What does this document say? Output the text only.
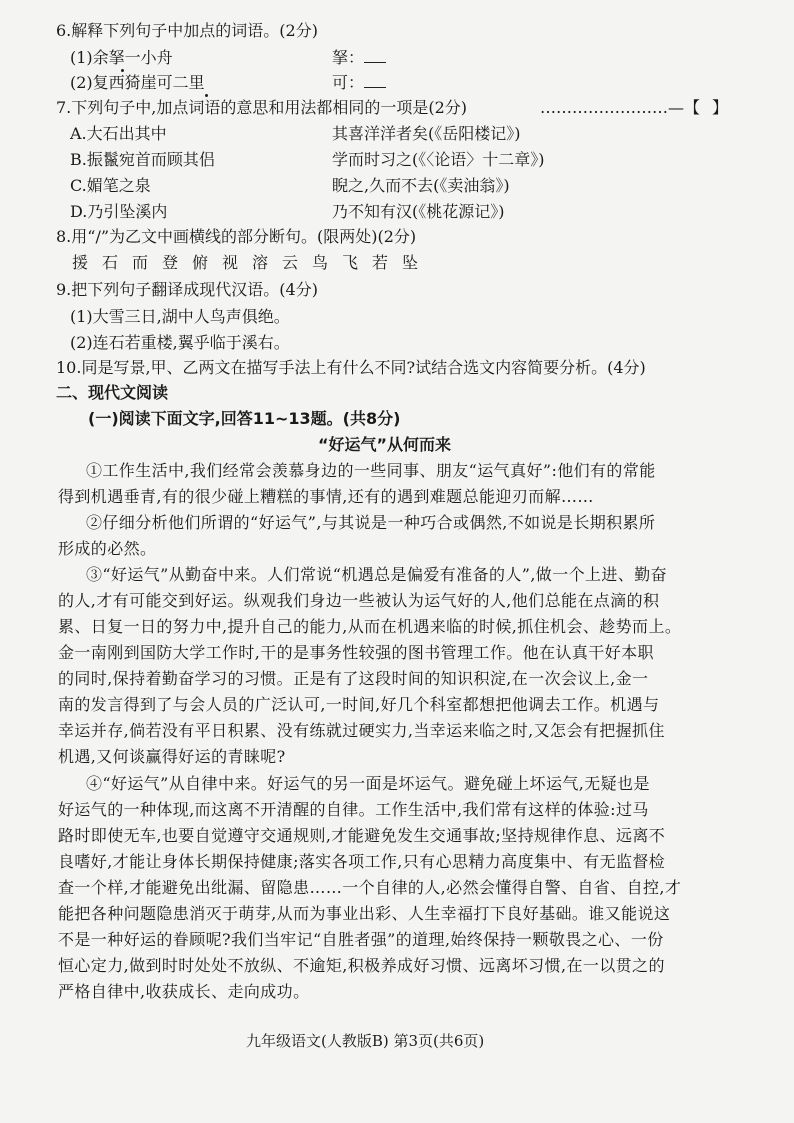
6.解释下列句子中加点的词语。(2分)
(1)余拏一小舟	拏：
(2)复西猗崖可二里	可：
7.下列句子中,加点词语的意思和用法都相同的一项是(2分)	……………………—【 】
A.大石出其中	其喜洋洋者矣(《岳阳楼记》)
B.振鬣宛首而顾其侣	学而时习之(《〈论语〉十二章》)
C.媚笔之泉	睨之,久而不去(《卖油翁》)
D.乃引坠溪内	乃不知有汉(《桃花源记》)
8.用“/”为乙文中画横线的部分断句。(限两处)(2分)
援石而登俯视溶云鸟飞若坠
9.把下列句子翻译成现代汉语。(4分)
(1)大雪三日,湖中人鸟声俱绝。
(2)连石若重楼,翼乎临于溪右。
10.同是写景,甲、乙两文在描写手法上有什么不同?试结合选文内容简要分析。(4分)
二、现代文阅读
(一)阅读下面文字,回答11~13题。(共8分)
“好运气”从何而来
①工作生活中,我们经常会羡慕身边的一些同事、朋友“运气真好”:他们有的常能
得到机遇垂青,有的很少碰上糟糕的事情,还有的遇到难题总能迎刃而解……
②仔细分析他们所谓的“好运气”,与其说是一种巧合或偶然,不如说是长期积累所
形成的必然。
③“好运气”从勤奋中来。人们常说“机遇总是偏爱有准备的人”,做一个上进、勤奋
的人,才有可能交到好运。纵观我们身边一些被认为运气好的人,他们总能在点滴的积
累、日复一日的努力中,提升自己的能力,从而在机遇来临的时候,抓住机会、趁势而上。
金一南刚到国防大学工作时,干的是事务性较强的图书管理工作。他在认真干好本职
的同时,保持着勤奋学习的习惯。正是有了这段时间的知识积淀,在一次会议上,金一
南的发言得到了与会人员的广泛认可,一时间,好几个科室都想把他调去工作。机遇与
幸运并存,倘若没有平日积累、没有练就过硬实力,当幸运来临之时,又怎会有把握抓住
机遇,又何谈赢得好运的青睐呢?
④“好运气”从自律中来。好运气的另一面是坏运气。避免碰上坏运气,无疑也是
好运气的一种体现,而这离不开清醒的自律。工作生活中,我们常有这样的体验:过马
路时即使无车,也要自觉遵守交通规则,才能避免发生交通事故;坚持规律作息、远离不
良嗜好,才能让身体长期保持健康;落实各项工作,只有心思精力高度集中、有无监督检
查一个样,才能避免出纰漏、留隐患……一个自律的人,必然会懂得自警、自省、自控,才
能把各种问题隐患消灭于萌芽,从而为事业出彩、人生幸福打下良好基础。谁又能说这
不是一种好运的眷顾呢?我们当牢记“自胜者强”的道理,始终保持一颗敬畏之心、一份
恒心定力,做到时时处处不放纵、不逾矩,积极养成好习惯、远离坏习惯,在一以贯之的
严格自律中,收获成长、走向成功。
九年级语文(人教版B) 第3页(共6页)
